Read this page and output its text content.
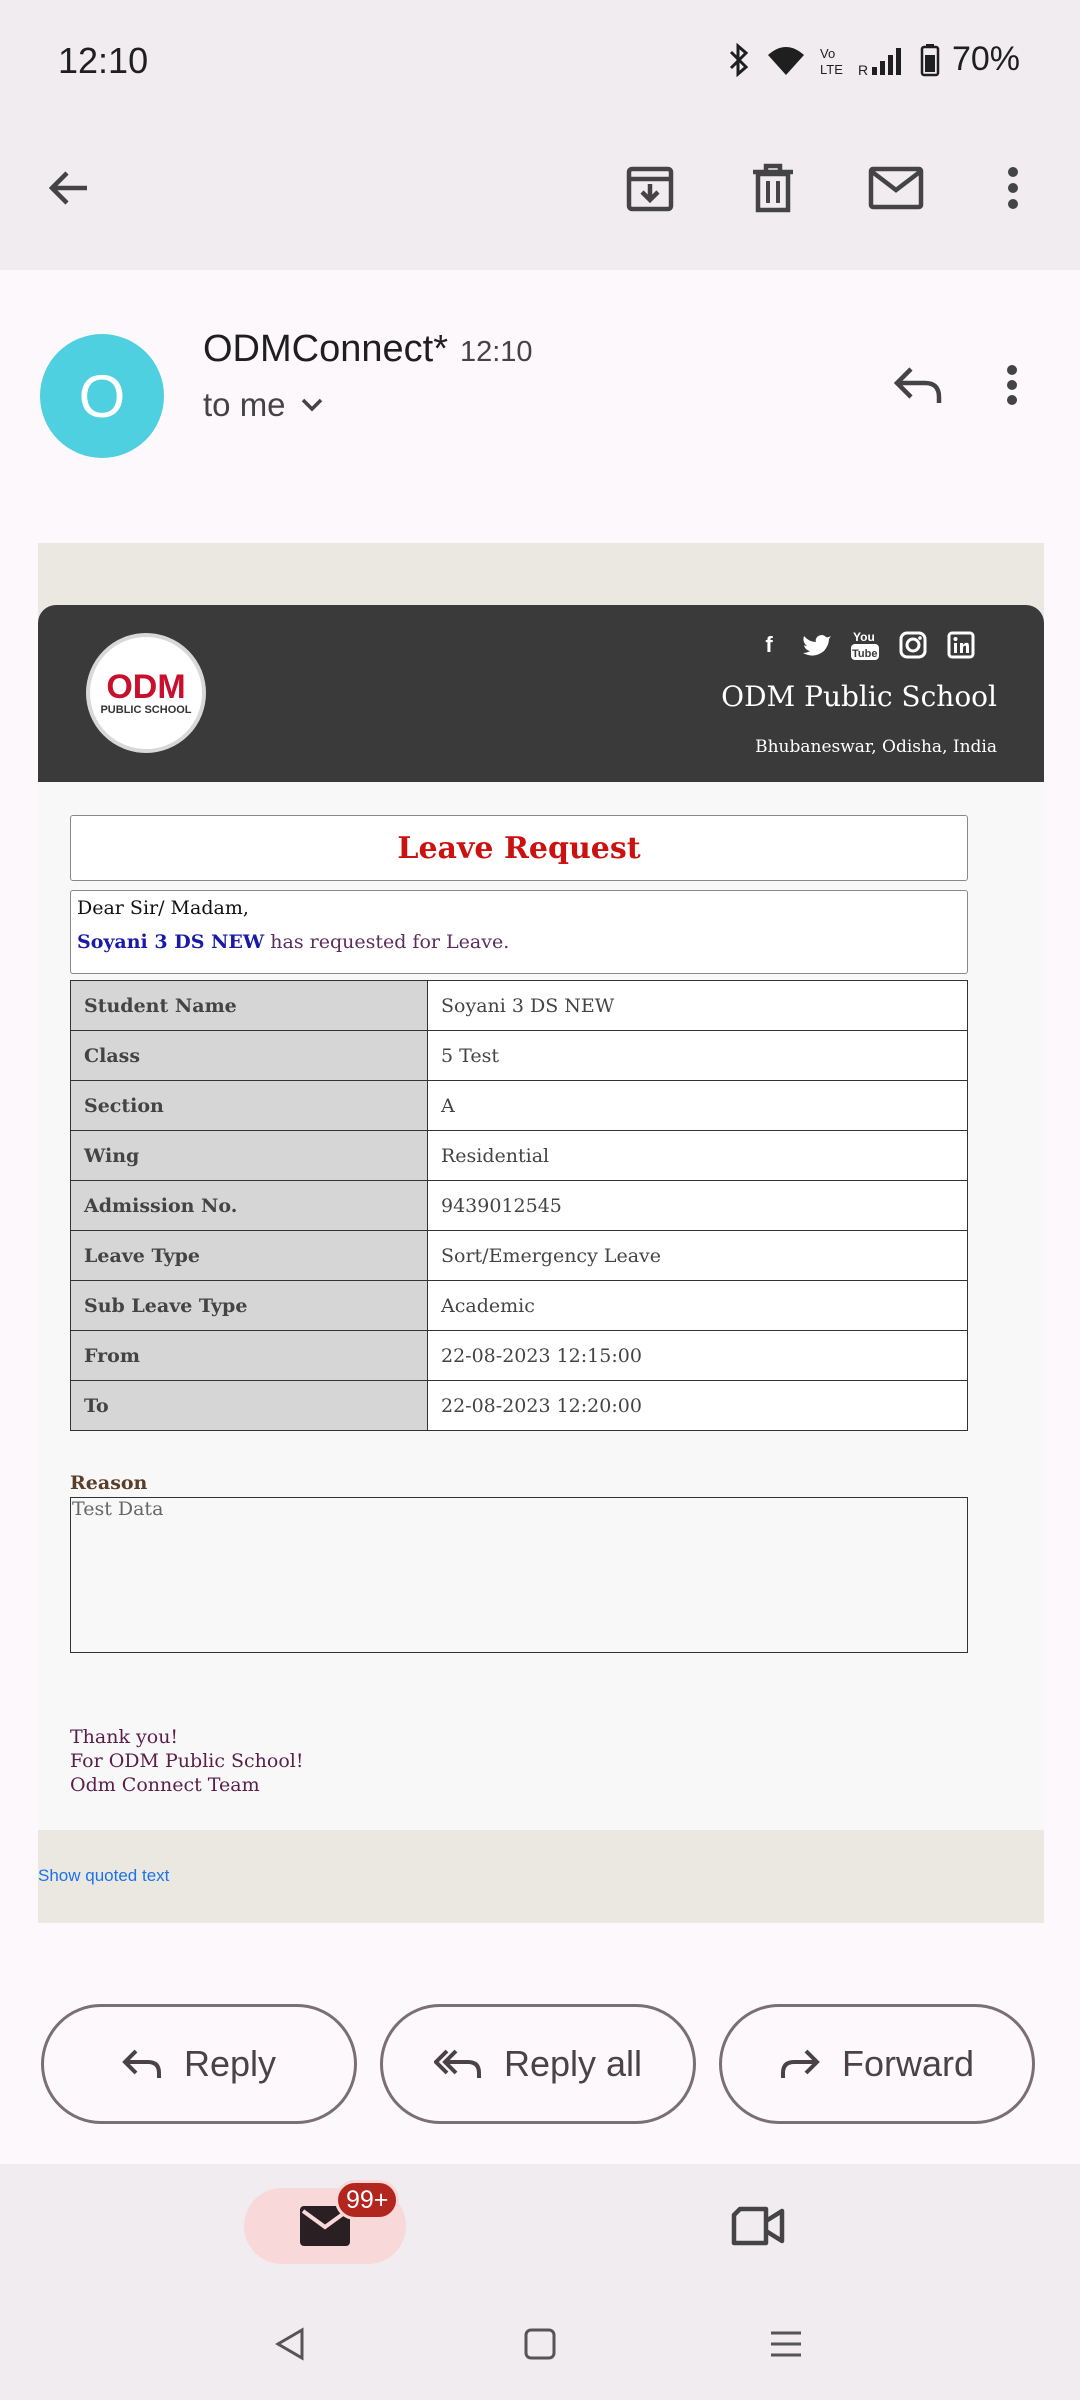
12:10	Vo
LTE R 70%
O
ODMConnect* 12:10
to me
ODM
PUBLIC SCHOOL
f	You
Tube
ODM Public School
Bhubaneswar, Odisha, India
Leave Request
Dear Sir/ Madam,
Soyani 3 DS NEW has requested for Leave.
Student Name	Soyani 3 DS NEW
Class	5 Test
Section	A
Wing	Residential
Admission No.	9439012545
Leave Type	Sort/Emergency Leave
Sub Leave Type	Academic
From	22-08-2023 12:15:00
To	22-08-2023 12:20:00
Reason
Test Data
Thank you!
For ODM Public School!
Odm Connect Team
Show quoted text
Reply	Reply all	Forward
99+
